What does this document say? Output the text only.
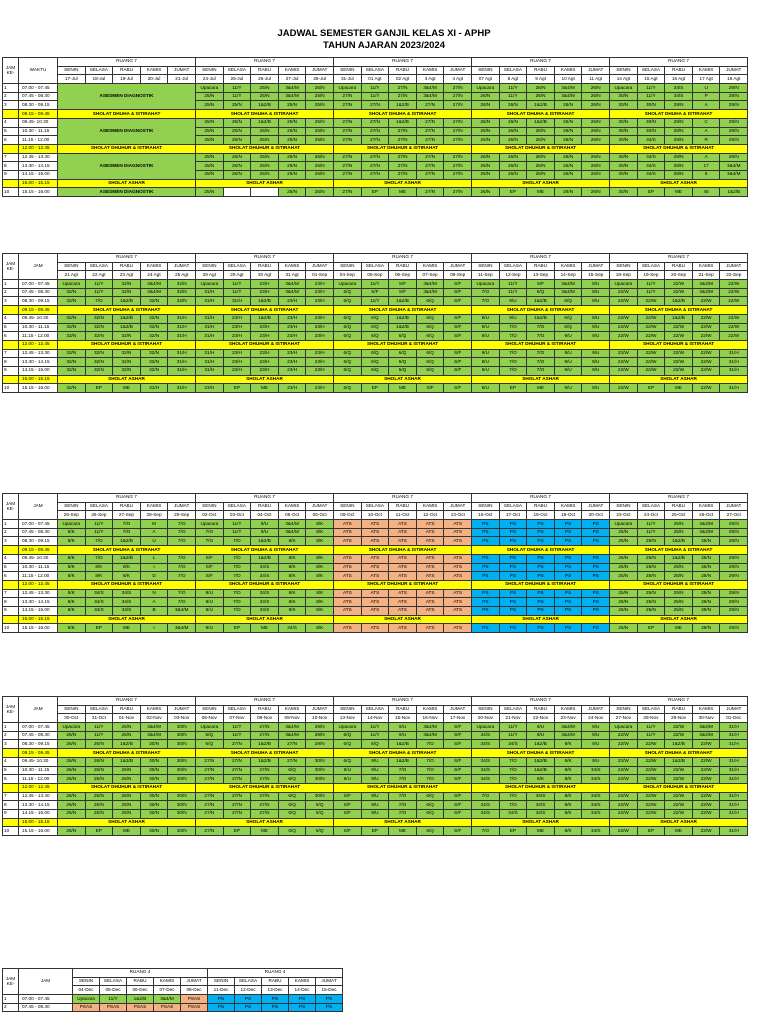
JADWAL SEMESTER GANJIL KELAS XI - APHP
TAHUN AJARAN 2023/2024
JAM KE-	WAKTU	RUANG 7					RUANG 7					RUANG 7					RUANG 7					RUANG 7				
		SENIN	SELASA	RABU	KAMIS	JUMAT	SENIN	SELASA	RABU	KAMIS	JUMAT	SENIN	SELASA	RABU	KAMIS	JUMAT	SENIN	SELASA	RABU	KAMIS	JUMAT	SENIN	SELASA	RABU	KAMIS	JUMAT
		17-Jul	18-Jul	19-Jul	20-Jul	21-Jul	24-Jul	25-Jul	26-Jul	27-Jul	28-Jul	31-Jul	01 Agt	02 Agt	3 Agt	4 Agt	07 Agt	8 Agt	9 Agt	10 Agt	11 Agt	14 Agt	15 Agt	16 Agt	17 Agt	18 Agt
1	07.00 - 07.45	ASESMEN DIAGNOSTIK					Upacara	11/Y	25/N	3&4/M	25/N	Upacara	11/Y	27/N	3&4/M	27/N	Upacara	11/Y	26/N	3&4/M	26/N	Upacara	11/Y	34/S	U	29/N
2	07.45 - 08.30						25/N	11/Y	25/N	3&4/M	25/N	27/N	11/Y	27/N	3&4/M	27/N	26/N	11/Y	26/N	3&4/M	26/N	30/N	11/Y	34/S	P	29/N
3	08.30 - 09.15						25/N	25/N	1&2/B	25/N	25/N	27/N	27/N	1&2/B	27/N	27/N	26/N	26/N	1&2/B	26/N	26/N	30/N	30/N	29/N	A	29/N
	09.15 - 09.45	SHOLAT DHUHA & ISTIRAHAT					SHOLAT DHUHA & ISTIRAHAT					SHOLAT DHUHA & ISTIRAHAT					SHOLAT DHUHA & ISTIRAHAT					SHOLAT DHUHA & ISTIRAHAT				
4	09.45- 10.30	ASESMEN DIAGNOSTIK					25/N	25/N	1&2/B	25/N	25/N	27/N	27/N	1&2/B	27/N	27/N	26/N	26/N	1&2/B	26/N	26/N	30/N	30/N	29/N	C	29/N
5	10.30 - 11.15						25/N	25/N	25/N	25/N	25/N	27/N	27/N	27/N	27/N	27/N	26/N	26/N	26/N	26/N	26/N	30/N	30/N	29/N	A	29/N
6	11.15 - 12.00						25/N	25/N	25/N	25/N	25/N	27/N	27/N	27/N	27/N	27/N	26/N	26/N	26/N	26/N	26/N	30/N	34/S	29/N	R	29/N
	12.00 - 12.45	SHOLAT DHUHUR & ISTIRAHAT					SHOLAT DHUHUR & ISTIRAHAT					SHOLAT DHUHUR & ISTIRAHAT					SHOLAT DHUHUR & ISTIRAHAT					SHOLAT DHUHUR & ISTIRAHAT				
7	12.45 - 13.30	ASESMEN DIAGNOSTIK					25/N	25/N	25/N	25/N	25/N	27/N	27/N	27/N	27/N	27/N	26/N	26/N	26/N	26/N	26/N	30/N	34/S	29/N	A	29/N
8	13.30 - 14.15						25/N	25/N	25/N	25/N	25/N	27/N	27/N	27/N	27/N	27/N	26/N	26/N	26/N	26/N	26/N	30/N	34/S	29/N	17	3&4/M
9	14.15 - 15.00						25/N	25/N	25/N	25/N	25/N	27/N	27/N	27/N	27/N	27/N	26/N	26/N	26/N	26/N	26/N	30/N	34/S	29/N	8	3&4/M
	15.00 - 15.15	SHOLAT ASHAR					SHOLAT ASHAR					SHOLAT ASHAR					SHOLAT ASHAR					SHOLAT ASHAR				
10	15.15 - 16.00	ASESMEN DIAGNOSTIK					25/N			25/N	25/N	27/N	EP	ME	27/N	27/N	26/N	EP	ME	26/N	26/N	30/N	EP	ME	45	1&2/B
JAM KE-	JAM	RUANG 7					RUANG 7					RUANG 7					RUANG 7					RUANG 7				
		SENIN	SELASA	RABU	KAMIS	JUMAT	SENIN	SELASA	RABU	KAMIS	JUMAT	SENIN	SELASA	RABU	KAMIS	JUMAT	SENIN	SELASA	RABU	KAMIS	JUMAT	SENIN	SELASA	RABU	KAMIS	JUMAT
		21 Agt	22 Agt	23 Agt	24 Agt	25 Agt	28 Agt	29 Agt	30 Agt	31 Agt	01-Sep	04-Sep	05-Sep	06-Sep	07-Sep	08-Sep	11-Sep	12-Sep	13-Sep	14-Sep	15-Sep	18-Sep	19-Sep	20-Sep	21-Sep	22-Sep
1	07.00 - 07.45	Upacara	11/Y	32/N	3&4/M	32/N	Upacara	11/Y	23/H	3&4/M	23/H	Upacara	11/Y	S/F	3&4/M	S/F	Upacara	11/Y	S/F	3&4/M	9/U	Upacara	11/Y	22/W	3&4/M	22/W
2	07.45 - 08.30	32/N	11/Y	32/N	3&4/M	32/N	31/H	11/Y	23/H	3&4/M	23/H	6/Q	S/F	S/F	3&4/M	S/F	7/O	11/Y	6/Q	3&4/M	9/U	22/W	11/Y	22/W	3&4/M	22/W
3	08.30 - 09.15	32/N	7/O	1&2/B	32/N	32/N	31/H	31/H	1&2/B	23/H	23/H	6/Q	11/Y	1&2/B	6/Q	S/F	7/O	9/U	1&2/B	6/Q	9/U	22/W	22/W	1&2/B	22/W	22/W
	09.15 - 09.45	SHOLAT DHUHA & ISTIRAHAT					SHOLAT DHUHA & ISTIRAHAT					SHOLAT DHUHA & ISTIRAHAT					SHOLAT DHUHA & ISTIRAHAT					SHOLAT DHUHA & ISTIRAHAT				
4	09.45- 10.30	32/N	32/N	1&2/B	32/N	31/H	31/H	23/H	1&2/B	23/H	23/H	6/Q	6/Q	1&2/B	6/Q	S/F	9/U	9/U	1&2/B	6/Q	9/U	22/W	22/W	1&2/B	22/W	22/W
5	10.30 - 11.15	32/N	32/N	1&2/B	32/N	31/H	31/H	23/H	23/H	23/H	23/H	6/Q	6/Q	1&2/B	6/Q	S/F	9/U	7/O	7/O	6/Q	9/U	22/W	22/W	22/W	22/W	22/W
6	11.15 - 12.00	32/N	32/N	32/N	32/N	31/H	31/H	23/H	23/H	23/H	23/H	6/Q	6/Q	6/Q	6/Q	S/F	9/U	7/O	7/O	9/U	9/U	22/W	22/W	22/W	22/W	22/W
	12.00 - 12.45	SHOLAT DHUHUR & ISTIRAHAT					SHOLAT DHUHUR & ISTIRAHAT					SHOLAT DHUHUR & ISTIRAHAT					SHOLAT DHUHUR & ISTIRAHAT					SHOLAT DHUHUR & ISTIRAHAT				
7	12.45 - 13.30	32/N	32/N	32/N	32/N	31/H	31/H	23/H	23/H	23/H	23/H	6/Q	6/Q	6/Q	6/Q	S/F	9/U	7/O	7/O	9/U	9/U	22/W	22/W	22/W	22/W	31/H
8	13.30 - 14.15	32/N	32/N	32/N	32/N	31/H	31/H	23/H	23/H	23/H	23/H	6/Q	6/Q	6/Q	6/Q	S/F	9/U	7/O	7/O	9/U	9/U	22/W	22/W	22/W	22/W	31/H
9	14.15 - 15.00	32/N	32/N	32/N	32/N	31/H	31/H	23/H	23/H	23/H	23/H	6/Q	6/Q	6/Q	6/Q	S/F	9/U	7/O	7/O	9/U	9/U	22/W	22/W	22/W	22/W	31/H
	15.00 - 15.15	SHOLAT ASHAR					SHOLAT ASHAR					SHOLAT ASHAR					SHOLAT ASHAR					SHOLAT ASHAR				
10	15.15 - 16.00	32/N	EP	ME	31/H	31/H	23/H	EP	ME	23/H	23/H	6/Q	EP	ME	S/F	S/F	9/U	EP	ME	9/U	9/U	22/W	EP	ME	22/W	31/H
JAM KE-	JAM	RUANG 7					RUANG 7					RUANG 7					RUANG 7					RUANG 7				
		SENIN	SELASA	RABU	KAMIS	JUMAT	SENIN	SELASA	RABU	KAMIS	JUMAT	SENIN	SELASA	RABU	KAMIS	JUMAT	SENIN	SELASA	RABU	KAMIS	JUMAT	SENIN	SELASA	RABU	KAMIS	JUMAT
		25-Sep	26-Sep	27-Sep	28-Sep	29-Sep	02-Oct	03-Oct	04-Oct	05-Oct	06-Oct	09-Oct	10-Oct	11-Oct	12-Oct	13-Oct	16-Oct	17-Oct	18-Oct	19-Oct	20-Oct	23-Oct	24-Oct	25-Oct	26-Oct	27-Oct
1	07.00 - 07.45	Upacara	11/Y	7/O	M	7/O	Upacara	11/Y	9/U	3&4/M	8/K	ATS	ATS	ATS	ATS	ATS	PS	PS	PS	PS	PS	Upacara	11/Y	25/N	3&4/M	29/N
2	07.45 - 08.30	8/K	11/Y	7/O	A	7/O	7/O	11/Y	9/U	3&4/M	8/K	ATS	ATS	ATS	ATS	ATS	PS	PS	PS	PS	PS	25/N	11/Y	25/N	3&4/M	29/N
3	08.30 - 09.15	8/K	7/O	1&2/B	U	7/O	7/O	7/O	1&2/B	8/K	8/K	ATS	ATS	ATS	ATS	ATS	PS	PS	PS	PS	PS	25/N	25/N	1&2/B	25/N	29/N
	09.15 - 09.45	SHOLAT DHUHA & ISTIRAHAT					SHOLAT DHUHA & ISTIRAHAT					SHOLAT DHUHA & ISTIRAHAT					SHOLAT DHUHA & ISTIRAHAT					SHOLAT DHUHA & ISTIRAHAT				
4	09.45- 10.30	8/K	7/O	1&2/B	L	7/O	S/F	7/O	1&2/B	8/K	8/K	ATS	ATS	ATS	ATS	ATS	PS	PS	PS	PS	PS	25/N	25/N	1&2/B	25/N	29/N
5	10.30 - 11.15	8/K	8/K	8/K	I	7/O	S/F	7/O	34/S	8/K	8/K	ATS	ATS	ATS	ATS	ATS	PS	PS	PS	PS	PS	25/N	25/N	25/N	25/N	29/N
6	11.15 - 12.00	8/K	8/K	8/K	D	7/O	S/F	7/O	34/S	8/K	8/K	ATS	ATS	ATS	ATS	ATS	PS	PS	PS	PS	PS	25/N	25/N	25/N	25/N	29/N
	12.00 - 12.45	SHOLAT DHUHUR & ISTIRAHAT					SHOLAT DHUHUR & ISTIRAHAT					SHOLAT DHUHUR & ISTIRAHAT					SHOLAT DHUHUR & ISTIRAHAT					SHOLAT DHUHUR & ISTIRAHAT				
7	12.45 - 13.30	8/K	34/S	34/S	N	7/O	9/U	7/O	34/S	8/K	8/K	ATS	ATS	ATS	ATS	ATS	PS	PS	PS	PS	PS	25/N	25/N	25/N	29/N	29/N
8	13.30 - 14.15	8/K	34/S	34/S	A	7/O	9/U	7/O	34/S	8/K	8/K	ATS	ATS	ATS	ATS	ATS	PS	PS	PS	PS	PS	25/N	25/N	25/N	29/N	29/N
9	14.15 - 15.00	8/K	34/S	34/S	B	3&4/M	9/U	7/O	34/S	8/K	8/K	ATS	ATS	ATS	ATS	ATS	PS	PS	PS	PS	PS	25/N	25/N	25/N	29/N	29/N
	15.00 - 15.15	SHOLAT ASHAR					SHOLAT ASHAR					SHOLAT ASHAR					SHOLAT ASHAR					SHOLAT ASHAR				
10	15.15 - 16.00	8/K	EP	ME	I	3&4/M	9/U	EP	ME	34/S	8/K	ATS	ATS	ATS	ATS	ATS	PS	PS	PS	PS	PS	25/N	EP	ME	29/N	29/N
JAM KE-	JAM	RUANG 7					RUANG 7					RUANG 7					RUANG 7					RUANG 7				
		SENIN	SELASA	RABU	KAMIS	JUMAT	SENIN	SELASA	RABU	KAMIS	JUMAT	SENIN	SELASA	RABU	KAMIS	JUMAT	SENIN	SELASA	RABU	KAMIS	JUMAT	SENIN	SELASA	RABU	KAMIS	JUMAT
		30-Oct	31-Oct	01-Nov	02-Nov	03-Nov	06-Nov	07-Nov	08-Nov	09-Nov	10-Nov	13-Nov	14-Nov	15-Nov	16-Nov	17-Nov	20-Nov	21-Nov	22-Nov	23-Nov	24-Nov	27-Nov	28-Nov	29-Nov	30-Nov	01-Dec
1	07.00 - 07.45	Upacara	11/Y	26/N	3&4/M	30/N	Upacara	11/Y	27/N	3&4/M	29/N	Upacara	11/Y	9/U	3&4/M	S/F	Upacara	11/Y	9/U	3&4/M	9/U	Upacara	11/Y	22/W	3&4/M	31/H
2	07.45 - 08.30	26/N	11/Y	26/N	3&4/M	30/N	6/Q	11/Y	27/N	3&4/M	29/N	6/Q	11/Y	9/U	3&4/M	S/F	34/S	11/Y	9/U	3&4/M	9/U	22/W	11/Y	22/W	3&4/M	31/H
3	08.30 - 09.15	26/N	26/N	1&2/B	30/N	30/N	6/Q	27/N	1&2/B	27/N	29/N	6/Q	6/Q	1&2/B	7/O	S/F	34/S	34/S	1&2/B	8/K	9/U	22/W	22/W	1&2/B	22/W	31/H
	09.15 - 09.45	SHOLAT DHUHA & ISTIRAHAT					SHOLAT DHUHA & ISTIRAHAT					SHOLAT DHUHA & ISTIRAHAT					SHOLAT DHUHA & ISTIRAHAT					SHOLAT DHUHA & ISTIRAHAT				
4	09.45- 10.30	26/N	26/N	1&2/B	30/N	30/N	27/N	27/N	1&2/B	27/N	30/N	6/Q	9/U	1&2/B	7/O	S/F	34/S	7/O	1&2/B	8/K	9/U	22/W	22/W	1&2/B	22/W	31/H
5	10.30 - 11.15	26/N	26/N	26/N	30/N	30/N	27/N	27/N	27/N	6/Q	30/N	9/U	9/U	7/O	7/O	S/F	34/S	7/O	1&2/B	8/K	34/S	22/W	22/W	22/W	22/W	31/H
6	11.15 - 12.00	26/N	26/N	26/N	30/N	30/N	27/N	27/N	27/N	6/Q	30/N	9/U	9/U	7/O	7/O	S/F	34/S	7/O	8/K	8/K	34/S	22/W	22/W	22/W	22/W	31/H
	12.00 - 12.45	SHOLAT DHUHUR & ISTIRAHAT					SHOLAT DHUHUR & ISTIRAHAT					SHOLAT DHUHUR & ISTIRAHAT					SHOLAT DHUHUR & ISTIRAHAT					SHOLAT DHUHUR & ISTIRAHAT				
7	12.45 - 13.30	26/N	26/N	26/N	30/N	30/N	27/N	27/N	27/N	6/Q	30/N	S/F	9/U	7/O	6/Q	S/F	7/O	7/O	34/S	8/K	34/S	22/W	22/W	22/W	22/W	31/H
8	13.30 - 14.15	26/N	26/N	26/N	30/N	30/N	27/N	27/N	27/N	6/Q	6/Q	S/F	9/U	7/O	6/Q	S/F	34/S	7/O	34/S	8/K	34/S	22/W	22/W	22/W	22/W	31/H
9	14.15 - 15.00	26/N	26/N	26/N	30/N	30/N	27/N	27/N	27/N	6/Q	6/Q	S/F	9/U	7/O	6/Q	S/F	34/S	34/S	34/S	8/K	34/S	22/W	22/W	22/W	22/W	31/H
	15.00 - 15.15	SHOLAT ASHAR					SHOLAT ASHAR					SHOLAT ASHAR					SHOLAT ASHAR					SHOLAT ASHAR				
10	15.15 - 16.00	26/N	EP	ME	30/N	30/N	27/N	EP	ME	6/Q	6/Q	S/F	EP	ME	6/Q	S/F	7/O	EP	ME	8/K	34/S	22/W	EP	ME	22/W	31/H
JAM KE-	JAM	RUANG 4					RUANG 4				
		SENIN	SELASA	RABU	KAMIS	JUMAT	SENIN	SELASA	RABU	KAMIS	JUMAT
		04-Dec	05-Dec	06-Dec	07-Dec	08-Dec	11-Dec	12-Dec	13-Dec	14-Dec	15-Dec
1	07.00 - 07.45	Upacara	11/Y	1&2/B	3&4/M	PSAS	PS	PS	PS	PS	PS
2	07.45 - 08.30	PSAS	PSAS	PSAS	PSAS	PSAS	PS	PS	PS	PS	PS
